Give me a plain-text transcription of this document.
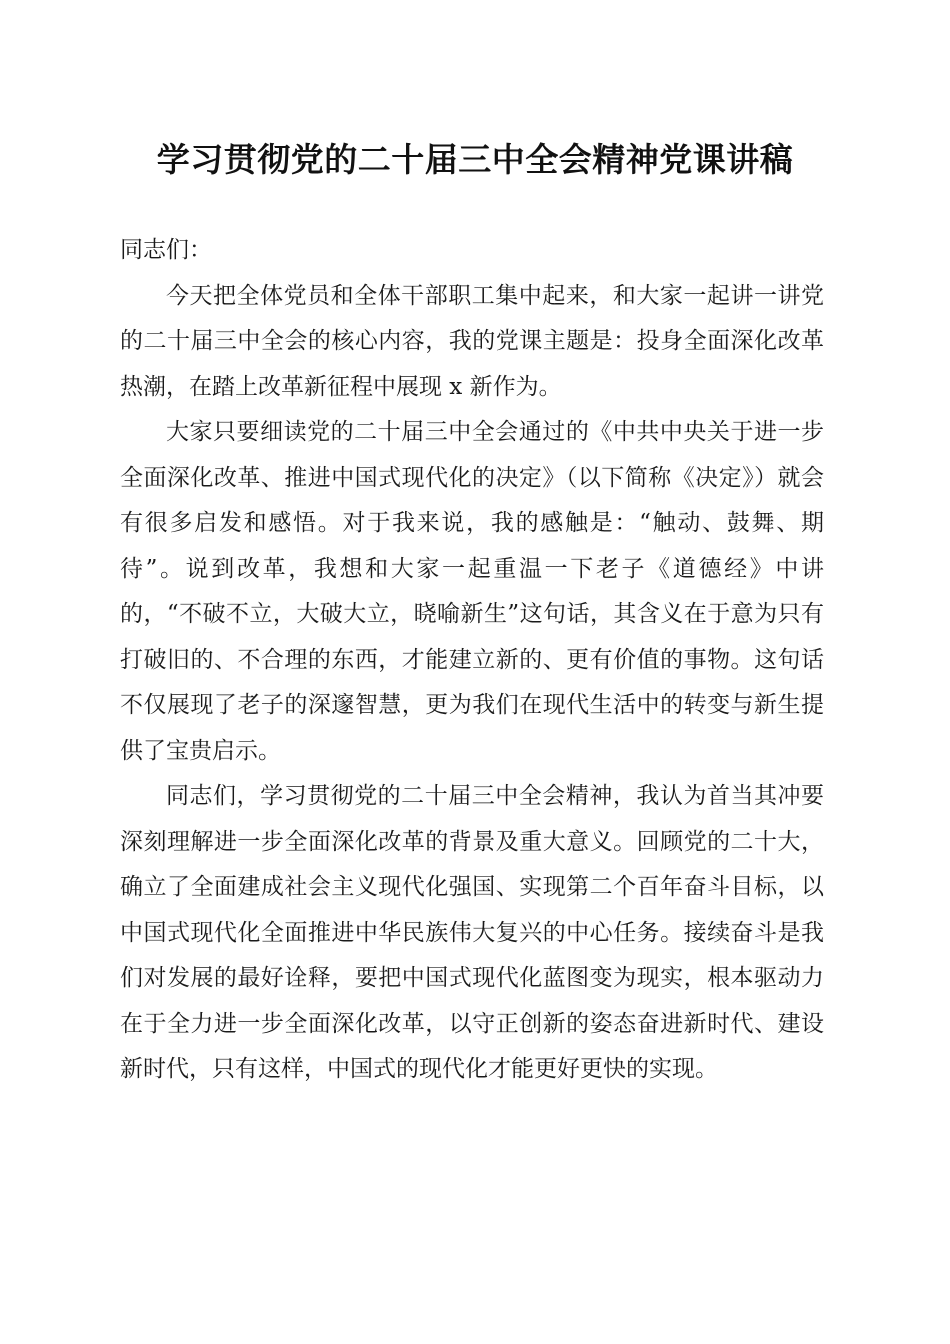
学习贯彻党的二十届三中全会精神党课讲稿

同志们：

今天把全体党员和全体干部职工集中起来，和大家一起讲一讲党的二十届三中全会的核心内容，我的党课主题是：投身全面深化改革热潮，在踏上改革新征程中展现 x 新作为。

大家只要细读党的二十届三中全会通过的《中共中央关于进一步全面深化改革、推进中国式现代化的决定》（以下简称《决定》）就会有很多启发和感悟。对于我来说，我的感触是：“触动、鼓舞、期待”。说到改革，我想和大家一起重温一下老子《道德经》中讲的，“不破不立，大破大立，晓喻新生”这句话，其含义在于意为只有打破旧的、不合理的东西，才能建立新的、更有价值的事物。这句话不仅展现了老子的深邃智慧，更为我们在现代生活中的转变与新生提供了宝贵启示。

同志们，学习贯彻党的二十届三中全会精神，我认为首当其冲要深刻理解进一步全面深化改革的背景及重大意义。回顾党的二十大，确立了全面建成社会主义现代化强国、实现第二个百年奋斗目标，以中国式现代化全面推进中华民族伟大复兴的中心任务。接续奋斗是我们对发展的最好诠释，要把中国式现代化蓝图变为现实，根本驱动力在于全力进一步全面深化改革，以守正创新的姿态奋进新时代、建设新时代，只有这样，中国式的现代化才能更好更快的实现。
